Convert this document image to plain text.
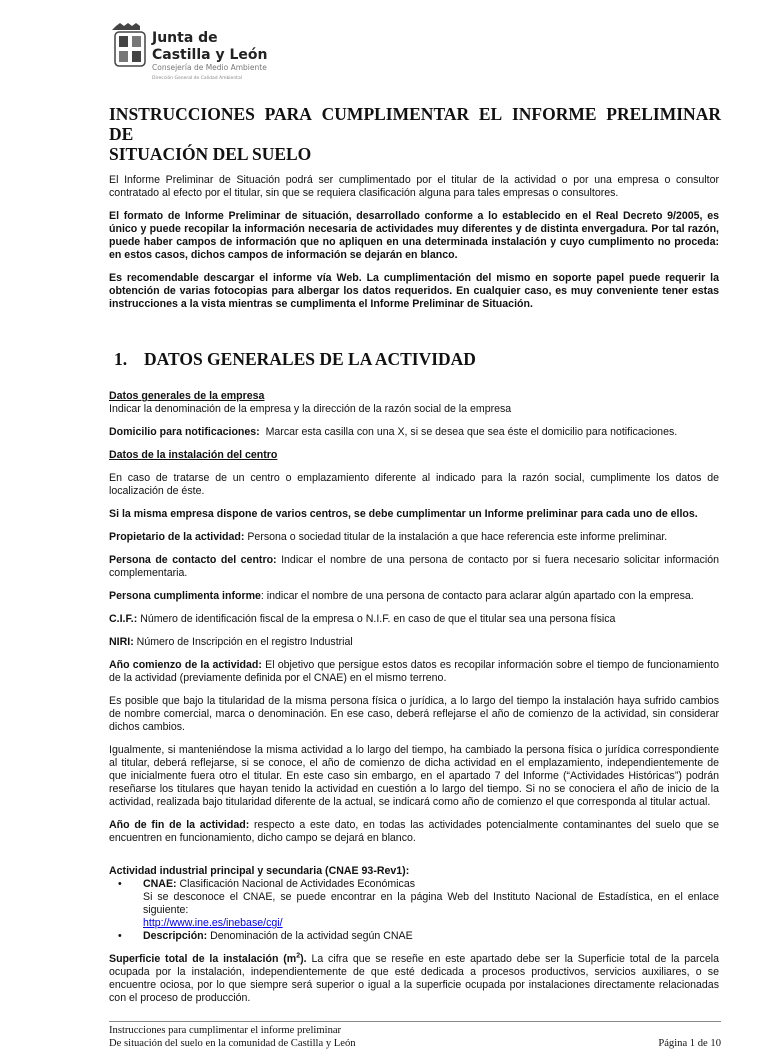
Junta de
Castilla y León
Consejería de Medio Ambiente
Dirección General de Calidad Ambiental
INSTRUCCIONES PARA CUMPLIMENTAR EL INFORME PRELIMINAR
DE
SITUACIÓN DEL SUELO
El Informe Preliminar de Situación podrá ser cumplimentado por el titular de la actividad o por una empresa o consultor contratado al efecto por el titular, sin que se requiera clasificación alguna para tales empresas o consultores.
El formato de Informe Preliminar de situación, desarrollado conforme a lo establecido en el Real Decreto 9/2005, es único y puede recopilar la información necesaria de actividades muy diferentes y de distinta envergadura. Por tal razón, puede haber campos de información que no apliquen en una determinada instalación y cuyo cumplimento no proceda: en estos casos, dichos campos de información se dejarán en blanco.
Es recomendable descargar el informe vía Web. La cumplimentación del mismo en soporte papel puede requerir la obtención de varias fotocopias para albergar los datos requeridos. En cualquier caso, es muy conveniente tener estas instrucciones a la vista mientras se cumplimenta el Informe Preliminar de Situación.
1. DATOS GENERALES DE LA ACTIVIDAD
Datos generales de la empresa
Indicar la denominación de la empresa y la dirección de la razón social de la empresa
Domicilio para notificaciones:  Marcar esta casilla con una X, si se desea que sea éste el domicilio para notificaciones.
Datos de la instalación del centro
En caso de tratarse de un centro o emplazamiento diferente al indicado para la razón social, cumplimente los datos de localización de éste.
Si la misma empresa dispone de varios centros, se debe cumplimentar un Informe preliminar para cada uno de ellos.
Propietario de la actividad: Persona o sociedad titular de la instalación a que hace referencia este informe preliminar.
Persona de contacto del centro: Indicar el nombre de una persona de contacto por si fuera necesario solicitar información complementaria.
Persona cumplimenta informe: indicar el nombre de una persona de contacto para aclarar algún apartado con la empresa.
C.I.F.: Número de identificación fiscal de la empresa o N.I.F. en caso de que el titular sea una persona física
NIRI: Número de Inscripción en el registro Industrial
Año comienzo de la actividad: El objetivo que persigue estos datos es recopilar información sobre el tiempo de funcionamiento de la actividad (previamente definida por el CNAE) en el mismo terreno.
Es posible que bajo la titularidad de la misma persona física o jurídica, a lo largo del tiempo la instalación haya sufrido cambios de nombre comercial, marca o denominación. En ese caso, deberá reflejarse el año de comienzo de la actividad, sin considerar dichos cambios.
Igualmente, si manteniéndose la misma actividad a lo largo del tiempo, ha cambiado la persona física o jurídica correspondiente al titular, deberá reflejarse, si se conoce, el año de comienzo de dicha actividad en el emplazamiento, independientemente de que inicialmente fuera otro el titular. En este caso sin embargo, en el apartado 7 del Informe (“Actividades Históricas”) podrán reseñarse los titulares que hayan tenido la actividad en cuestión a lo largo del tiempo. Si no se conociera el año de inicio de la actividad, realizada bajo titularidad diferente de la actual, se indicará como año de comienzo el que corresponda al titular actual.
Año de fin de la actividad: respecto a este dato, en todas las actividades potencialmente contaminantes del suelo que se encuentren en funcionamiento, dicho campo se dejará en blanco.
Actividad industrial principal y secundaria (CNAE 93-Rev1):
• CNAE: Clasificación Nacional de Actividades Económicas
Si se desconoce el CNAE, se puede encontrar en la página Web del Instituto Nacional de Estadística, en el enlace siguiente:
http://www.ine.es/inebase/cgi/
• Descripción: Denominación de la actividad según CNAE
Superficie total de la instalación $(m^2)$. La cifra que se reseñe en este apartado debe ser la Superficie total de la parcela ocupada por la instalación, independientemente de que esté dedicada a procesos productivos, servicios auxiliares, o se encuentre ociosa, por lo que siempre será superior o igual a la superficie ocupada por instalaciones directamente relacionadas con el proceso de producción.
Instrucciones para cumplimentar el informe preliminar
De situación del suelo en la comunidad de Castilla y León	Página 1 de 10
